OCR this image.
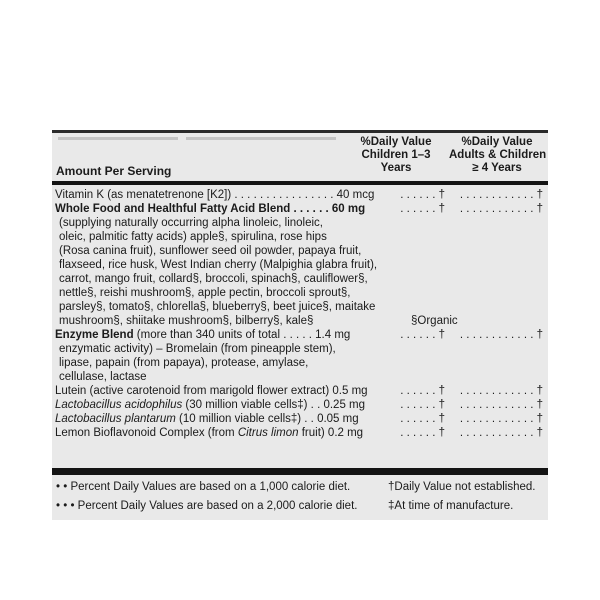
Amount Per Serving
%Daily Value
Children 1–3
Years
%Daily Value
Adults & Children
≥ 4 Years
Vitamin K (as menatetrenone [K2]) . . . . . . . . . . . . . . . . 40 mcg	. . . . . . †	. . . . . . . . . . . . †
Whole Food and Healthful Fatty Acid Blend . . . . . . 60 mg	. . . . . . †	. . . . . . . . . . . . †
(supplying naturally occurring alpha linoleic, linoleic,
oleic, palmitic fatty acids) apple§, spirulina, rose hips
(Rosa canina fruit), sunflower seed oil powder, papaya fruit,
flaxseed, rice husk, West Indian cherry (Malpighia glabra fruit),
carrot, mango fruit, collard§, broccoli, spinach§, cauliflower§,
nettle§, reishi mushroom§, apple pectin, broccoli sprout§,
parsley§, tomato§, chlorella§, blueberry§, beet juice§, maitake
mushroom§, shiitake mushroom§, bilberry§, kale§	§Organic
Enzyme Blend (more than 340 units of total . . . . . 1.4 mg	. . . . . . †	. . . . . . . . . . . . †
enzymatic activity) – Bromelain (from pineapple stem),
lipase, papain (from papaya), protease, amylase,
cellulase, lactase
Lutein (active carotenoid from marigold flower extract) 0.5 mg	. . . . . . †	. . . . . . . . . . . . †
Lactobacillus acidophilus (30 million viable cells‡) . . 0.25 mg	. . . . . . †	. . . . . . . . . . . . †
Lactobacillus plantarum (10 million viable cells‡) . . 0.05 mg	. . . . . . †	. . . . . . . . . . . . †
Lemon Bioflavonoid Complex (from Citrus limon fruit) 0.2 mg	. . . . . . †	. . . . . . . . . . . . †
• • Percent Daily Values are based on a 1,000 calorie diet.	†Daily Value not established.
• • • Percent Daily Values are based on a 2,000 calorie diet.	‡At time of manufacture.
